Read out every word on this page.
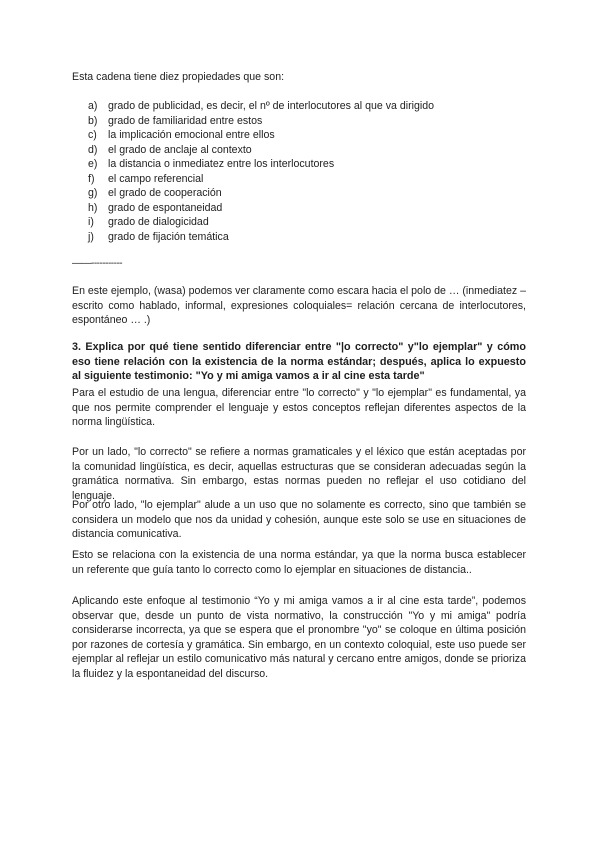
Esta cadena tiene diez propiedades que son:
a) grado de publicidad, es decir, el nº de interlocutores al que va dirigido
b) grado de familiaridad entre estos
c) la implicación emocional entre ellos
d) el grado de anclaje al contexto
e) la distancia o inmediatez entre los interlocutores
f) el campo referencial
g) el grado de cooperación
h) grado de espontaneidad
i) grado de dialogicidad
j) grado de fijación temática
——-----------

En este ejemplo, (wasa) podemos ver claramente como escara hacia el polo de … (inmediatez – escrito como hablado, informal, expresiones coloquiales= relación cercana de interlocutores, espontáneo … .)

3. Explica por qué tiene sentido diferenciar entre "|o correcto" y"lo ejemplar" y cómo eso tiene relación con la existencia de la norma estándar; después, aplica lo expuesto al siguiente testimonio: "Yo y mi amiga vamos a ir al cine esta tarde"

Para el estudio de una lengua, diferenciar entre "lo correcto" y "lo ejemplar" es fundamental, ya que nos permite comprender el lenguaje y estos conceptos reflejan diferentes aspectos de la norma lingüística.

Por un lado, "lo correcto" se refiere a normas gramaticales y el léxico que están aceptadas por la comunidad lingüística, es decir, aquellas estructuras que se consideran adecuadas según la gramática normativa. Sin embargo, estas normas pueden no reflejar el uso cotidiano del lenguaje.

Por otro lado, "lo ejemplar" alude a un uso que no solamente es correcto, sino que también se considera un modelo que nos da unidad y cohesión, aunque este solo se use en situaciones de distancia comunicativa.

Esto se relaciona con la existencia de una norma estándar, ya que la norma busca establecer un referente que guía tanto lo correcto como lo ejemplar en situaciones de distancia..

Aplicando este enfoque al testimonio “Yo y mi amiga vamos a ir al cine esta tarde”, podemos observar que, desde un punto de vista normativo, la construcción "Yo y mi amiga" podría considerarse incorrecta, ya que se espera que el pronombre "yo" se coloque en última posición por razones de cortesía y gramática. Sin embargo, en un contexto coloquial, este uso puede ser ejemplar al reflejar un estilo comunicativo más natural y cercano entre amigos, donde se prioriza la fluidez y la espontaneidad del discurso.
